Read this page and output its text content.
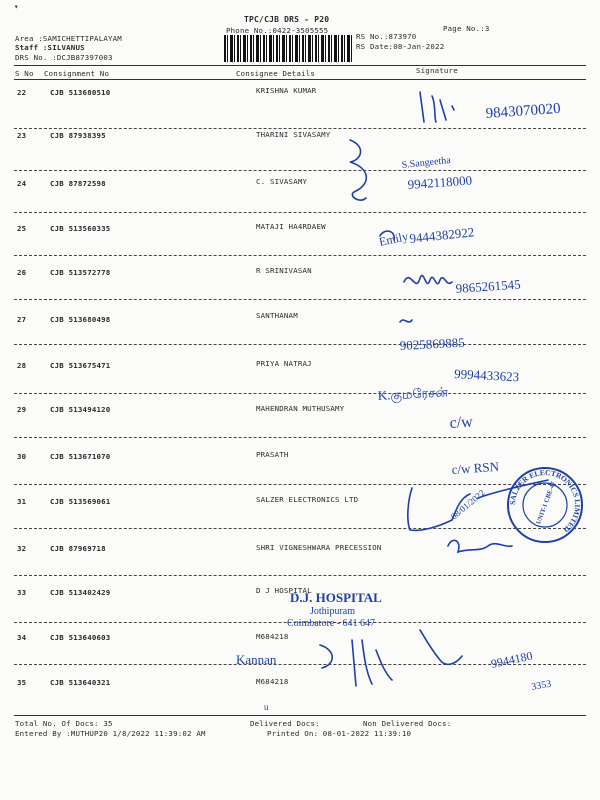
▾
TPC/CJB DRS - P20
Phone No.:0422-3505555	Page No.:3
Area :SAMICHETTIPALAYAM
Staff :SILVANUS
DRS No. :DCJB87397003
RS No.:873970
RS Date:08-Jan-2022
S No Consignment No	Consignee Details	Signature
22	CJB 513680510	KRISHNA KUMAR
23	CJB 87938395	THARINI SIVASAMY
24	CJB 87872598	C. SIVASAMY
25	CJB 513560335	MATAJI HA4RDAEW
26	CJB 513572778	R SRINIVASAN
27	CJB 513680498	SANTHANAM
28	CJB 513675471	PRIYA NATRAJ
29	CJB 513494120	MAHENDRAN MUTHUSAMY
30	CJB 513671070	PRASATH
31	CJB 513569061	SALZER ELECTRONICS LTD
32	CJB 87969718	SHRI VIGNESHWARA PRECESSION
33	CJB 513402429	D J HOSPITAL
34	CJB 513640603	M684218
35	CJB 513640321	M684218
Total No. Of Docs: 35	Delivered Docs:	Non Delivered Docs:
Entered By :MUTHUP20 1/8/2022 11:39:02 AM	Printed On: 08-01-2022 11:39:10
9843070020
S.Sangeetha
9942118000
Emily 9444382922
9865261545
9025869885
9994433623
K.குமரேசன்
c/w
c/w RSN
08/01/2022
Kannan	9944180
3353
u
D.J. HOSPITAL
Jothipuram
Coimbatore - 641 647
SALZER ELECTRONICS LIMITED
UNIT-1 CBE-47
